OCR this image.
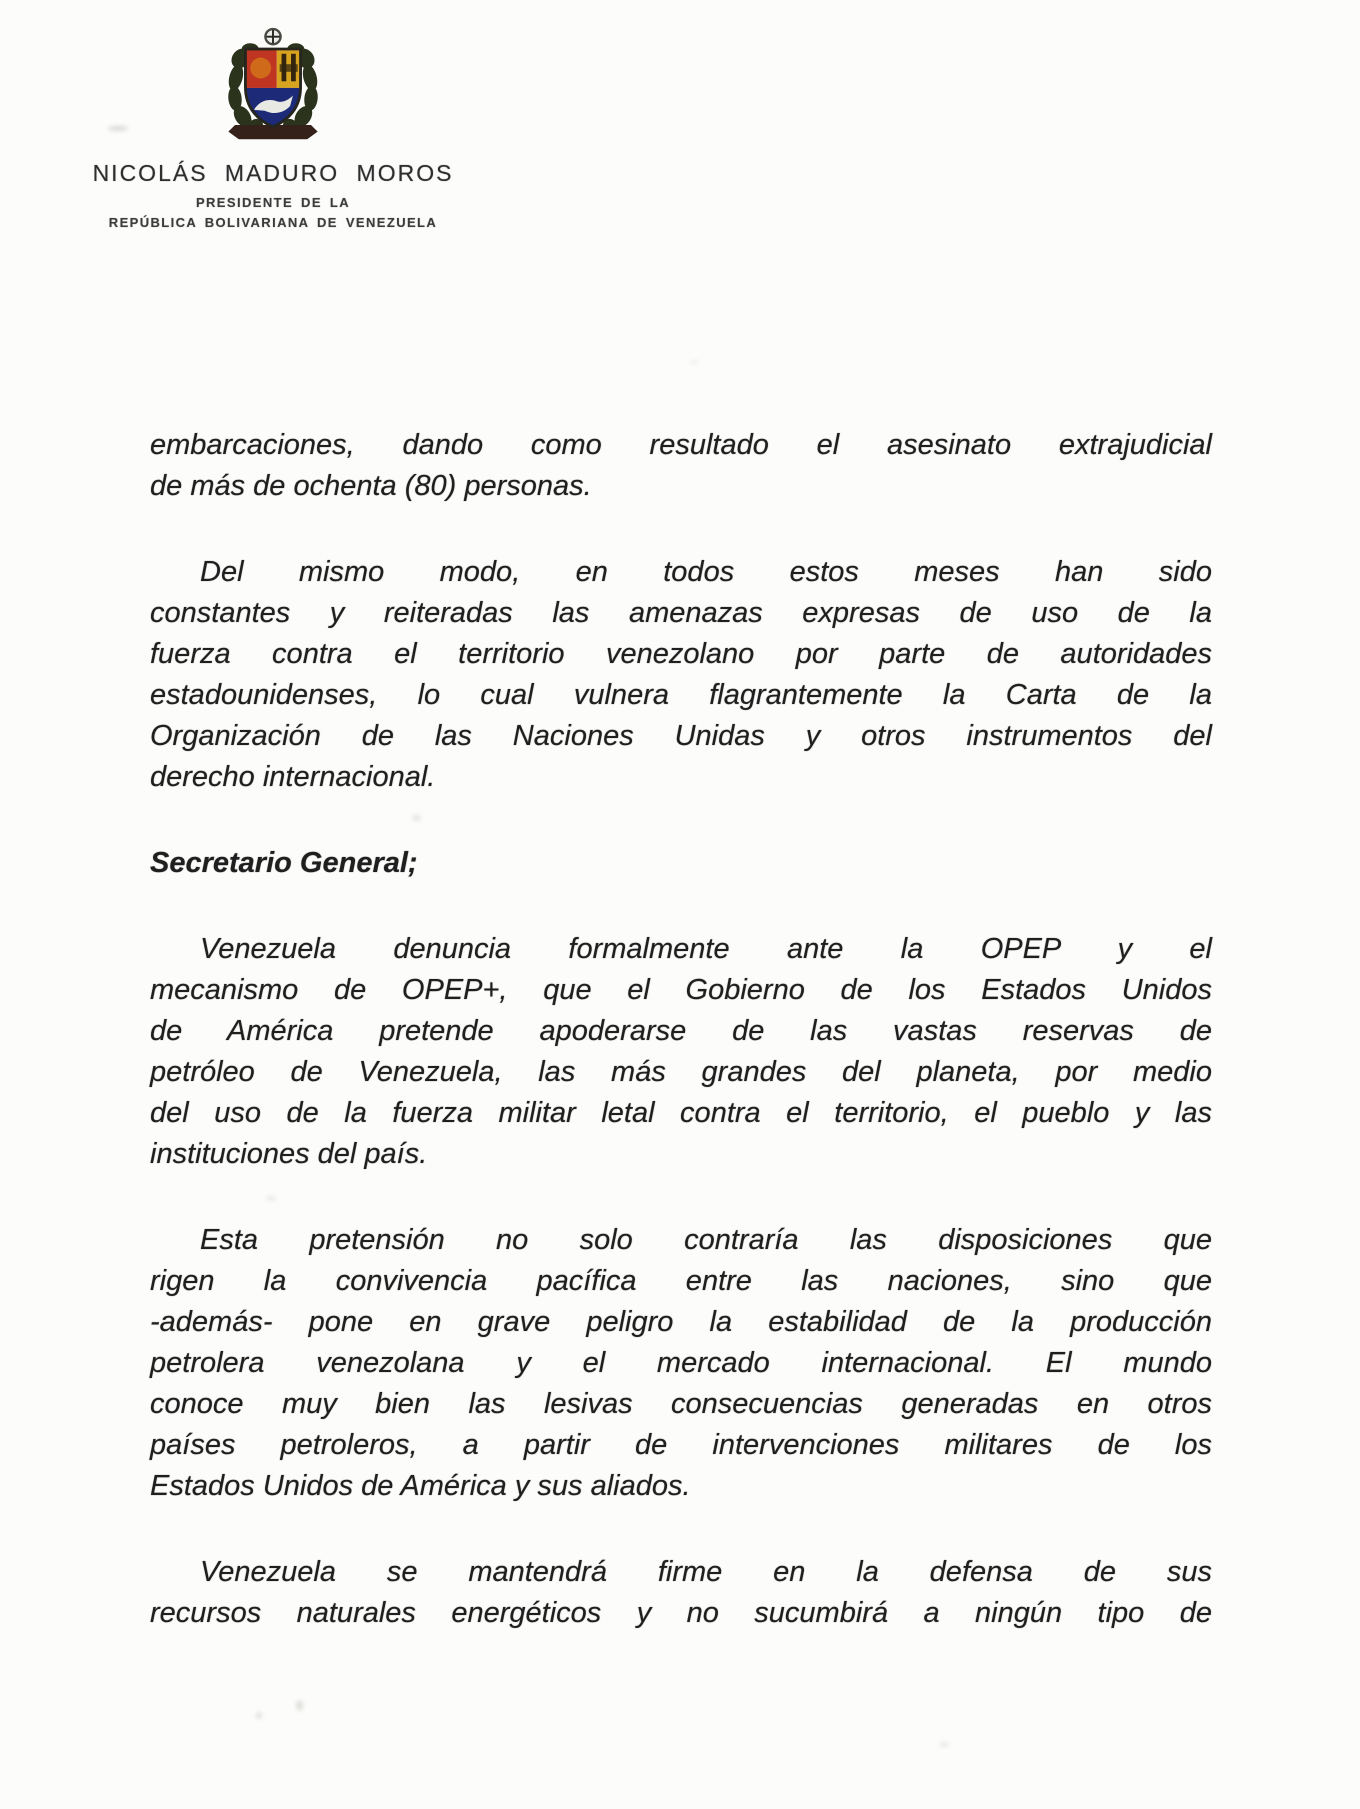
NICOLÁS MADURO MOROS
PRESIDENTE DE LA
REPÚBLICA BOLIVARIANA DE VENEZUELA
embarcaciones, dando como resultado el asesinato extrajudicial
de más de ochenta (80) personas.
Del mismo modo, en todos estos meses han sido
constantes y reiteradas las amenazas expresas de uso de la
fuerza contra el territorio venezolano por parte de autoridades
estadounidenses, lo cual vulnera flagrantemente la Carta de la
Organización de las Naciones Unidas y otros instrumentos del
derecho internacional.
Secretario General;
Venezuela denuncia formalmente ante la OPEP y el
mecanismo de OPEP+, que el Gobierno de los Estados Unidos
de América pretende apoderarse de las vastas reservas de
petróleo de Venezuela, las más grandes del planeta, por medio
del uso de la fuerza militar letal contra el territorio, el pueblo y las
instituciones del país.
Esta pretensión no solo contraría las disposiciones que
rigen la convivencia pacífica entre las naciones, sino que
-además- pone en grave peligro la estabilidad de la producción
petrolera venezolana y el mercado internacional. El mundo
conoce muy bien las lesivas consecuencias generadas en otros
países petroleros, a partir de intervenciones militares de los
Estados Unidos de América y sus aliados.
Venezuela se mantendrá firme en la defensa de sus
recursos naturales energéticos y no sucumbirá a ningún tipo de
